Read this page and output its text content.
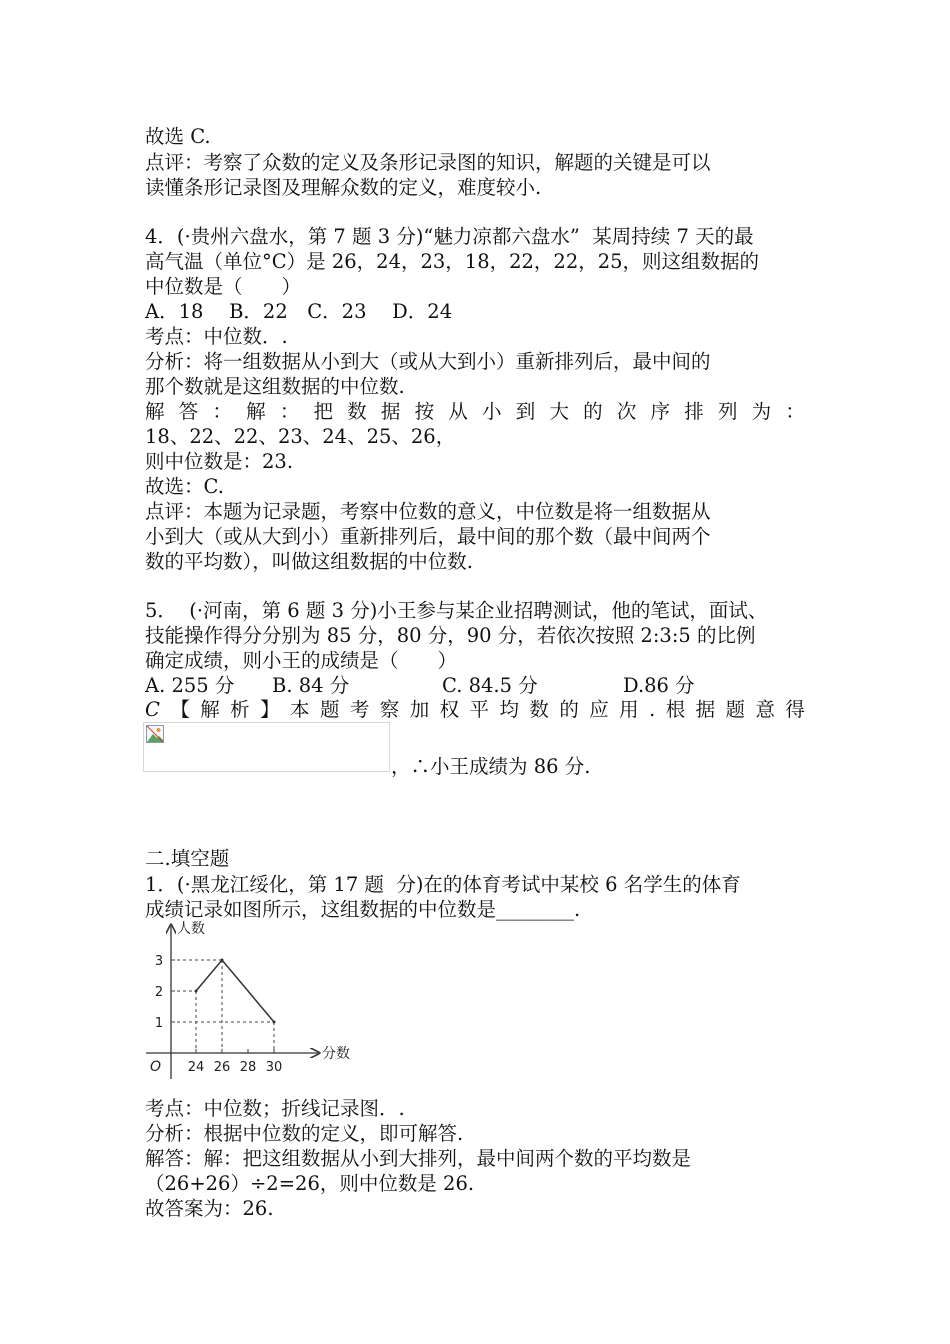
故选 C.
点评：考察了众数的定义及条形记录图的知识，解题的关键是可以
读懂条形记录图及理解众数的定义，难度较小.
4．(·贵州六盘水，第 7 题 3 分)“魅力凉都六盘水”  某周持续 7 天的最
高气温（单位°C）是 26，24，23，18，22，22，25，则这组数据的
中位数是（　　）
A．18　 B．22　C．23　 D．24
考点：中位数．.
分析：将一组数据从小到大（或从大到小）重新排列后，最中间的
那个数就是这组数据的中位数.
解 答 ： 解 ： 把 数 据 按 从 小 到 大 的 次 序 排 列 为 ：
18、22、22、23、24、25、26，
则中位数是：23.
故选：C.
点评：本题为记录题，考察中位数的意义，中位数是将一组数据从
小到大（或从大到小）重新排列后，最中间的那个数（最中间两个
数的平均数），叫做这组数据的中位数.
5．  (·河南，第 6 题 3 分)小王参与某企业招聘测试，他的笔试，面试、
技能操作得分分别为 85 分，80 分，90 分，若依次按照 2:3:5 的比例
确定成绩，则小王的成绩是（　　）
A. 255 分 B. 84 分	C. 84.5 分	D.86 分
C 【 解 析 】 本 题 考 察 加 权 平 均 数 的 应 用 . 根 据 题 意 得
，∴小王成绩为 86 分.
二.填空题
1．(·黑龙江绥化，第 17 题  分)在的体育考试中某校 6 名学生的体育
成绩记录如图所示，这组数据的中位数是________.
人数
分数
O 24 26 28 30
1
2
3
考点：中位数；折线记录图．.
分析：根据中位数的定义，即可解答.
解答：解：把这组数据从小到大排列，最中间两个数的平均数是
（26+26）÷2=26，则中位数是 26.
故答案为：26.
